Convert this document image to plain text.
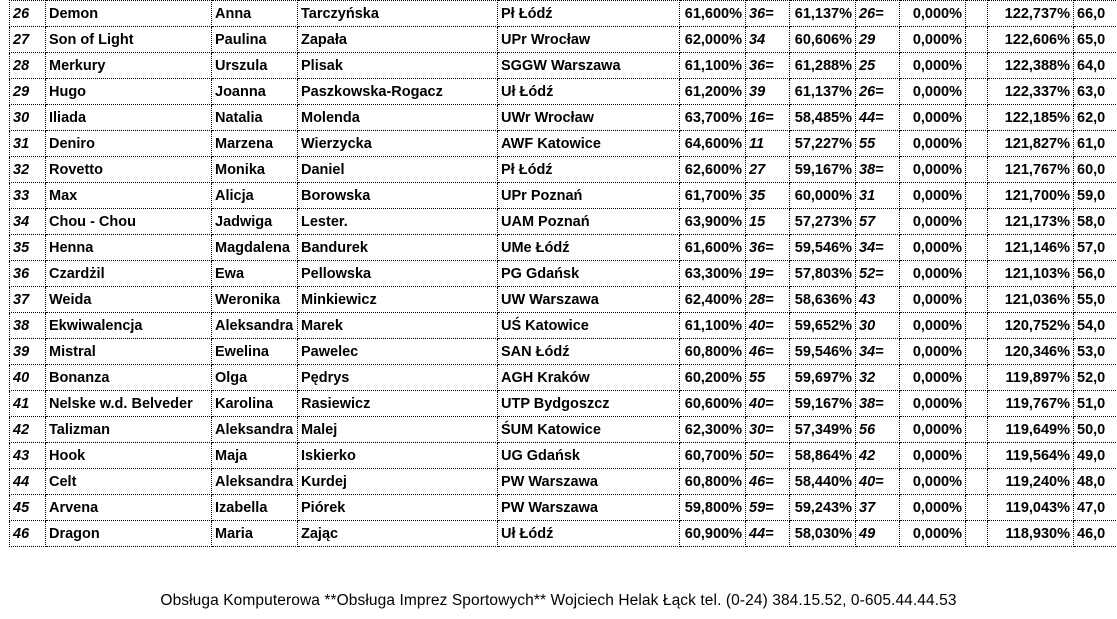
26	Demon	Anna	Tarczyńska	Pł Łódź	61,600%	36=	61,137%	26=	0,000%		122,737%	66,0
27	Son of Light	Paulina	Zapała	UPr Wrocław	62,000%	34	60,606%	29	0,000%		122,606%	65,0
28	Merkury	Urszula	Plisak	SGGW Warszawa	61,100%	36=	61,288%	25	0,000%		122,388%	64,0
29	Hugo	Joanna	Paszkowska-Rogacz	Uł Łódź	61,200%	39	61,137%	26=	0,000%		122,337%	63,0
30	Iliada	Natalia	Molenda	UWr Wrocław	63,700%	16=	58,485%	44=	0,000%		122,185%	62,0
31	Deniro	Marzena	Wierzycka	AWF Katowice	64,600%	11	57,227%	55	0,000%		121,827%	61,0
32	Rovetto	Monika	Daniel	Pł Łódź	62,600%	27	59,167%	38=	0,000%		121,767%	60,0
33	Max	Alicja	Borowska	UPr Poznań	61,700%	35	60,000%	31	0,000%		121,700%	59,0
34	Chou - Chou	Jadwiga	Lester.	UAM Poznań	63,900%	15	57,273%	57	0,000%		121,173%	58,0
35	Henna	Magdalena	Bandurek	UMe Łódź	61,600%	36=	59,546%	34=	0,000%		121,146%	57,0
36	Czardżil	Ewa	Pellowska	PG Gdańsk	63,300%	19=	57,803%	52=	0,000%		121,103%	56,0
37	Weida	Weronika	Minkiewicz	UW Warszawa	62,400%	28=	58,636%	43	0,000%		121,036%	55,0
38	Ekwiwalencja	Aleksandra	Marek	UŚ Katowice	61,100%	40=	59,652%	30	0,000%		120,752%	54,0
39	Mistral	Ewelina	Pawelec	SAN Łódź	60,800%	46=	59,546%	34=	0,000%		120,346%	53,0
40	Bonanza	Olga	Pędrys	AGH Kraków	60,200%	55	59,697%	32	0,000%		119,897%	52,0
41	Nelske w.d. Belveder	Karolina	Rasiewicz	UTP Bydgoszcz	60,600%	40=	59,167%	38=	0,000%		119,767%	51,0
42	Talizman	Aleksandra	Malej	ŚUM Katowice	62,300%	30=	57,349%	56	0,000%		119,649%	50,0
43	Hook	Maja	Iskierko	UG Gdańsk	60,700%	50=	58,864%	42	0,000%		119,564%	49,0
44	Celt	Aleksandra	Kurdej	PW Warszawa	60,800%	46=	58,440%	40=	0,000%		119,240%	48,0
45	Arvena	Izabella	Piórek	PW Warszawa	59,800%	59=	59,243%	37	0,000%		119,043%	47,0
46	Dragon	Maria	Zając	Uł Łódź	60,900%	44=	58,030%	49	0,000%		118,930%	46,0
Obsługa Komputerowa **Obsługa Imprez Sportowych** Wojciech Helak Łąck tel. (0-24) 384.15.52, 0-605.44.44.53
